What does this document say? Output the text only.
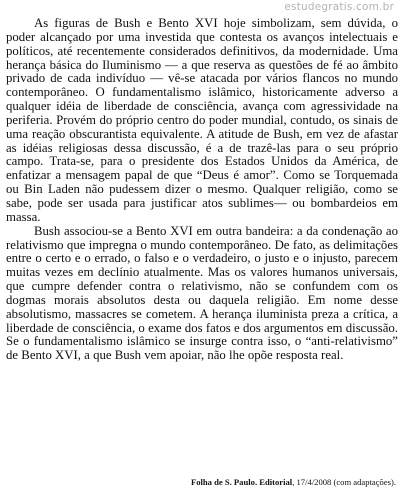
estudegratis.com.br

As figuras de Bush e Bento XVI hoje simbolizam, sem dúvida, o poder alcançado por uma investida que contesta os avanços intelectuais e políticos, até recentemente considerados definitivos, da modernidade. Uma herança básica do Iluminismo — a que reserva as questões de fé ao âmbito privado de cada indivíduo — vê-se atacada por vários flancos no mundo contemporâneo. O fundamentalismo islâmico, historicamente adverso a qualquer idéia de liberdade de consciência, avança com agressividade na periferia. Provém do próprio centro do poder mundial, contudo, os sinais de uma reação obscurantista equivalente. A atitude de Bush, em vez de afastar as idéias religiosas dessa discussão, é a de trazê-las para o seu próprio campo. Trata-se, para o presidente dos Estados Unidos da América, de enfatizar a mensagem papal de que “Deus é amor”. Como se Torquemada ou Bin Laden não pudessem dizer o mesmo. Qualquer religião, como se sabe, pode ser usada para justificar atos sublimes— ou bombardeios em massa.

Bush associou-se a Bento XVI em outra bandeira: a da condenação ao relativismo que impregna o mundo contemporâneo. De fato, as delimitações entre o certo e o errado, o falso e o verdadeiro, o justo e o injusto, parecem muitas vezes em declínio atualmente. Mas os valores humanos universais, que cumpre defender contra o relativismo, não se confundem com os dogmas morais absolutos desta ou daquela religião. Em nome desse absolutismo, massacres se cometem. A herança iluminista preza a crítica, a liberdade de consciência, o exame dos fatos e dos argumentos em discussão. Se o fundamentalismo islâmico se insurge contra isso, o “anti-relativismo” de Bento XVI, a que Bush vem apoiar, não lhe opõe resposta real.

Folha de S. Paulo. Editorial, 17/4/2008 (com adaptações).
